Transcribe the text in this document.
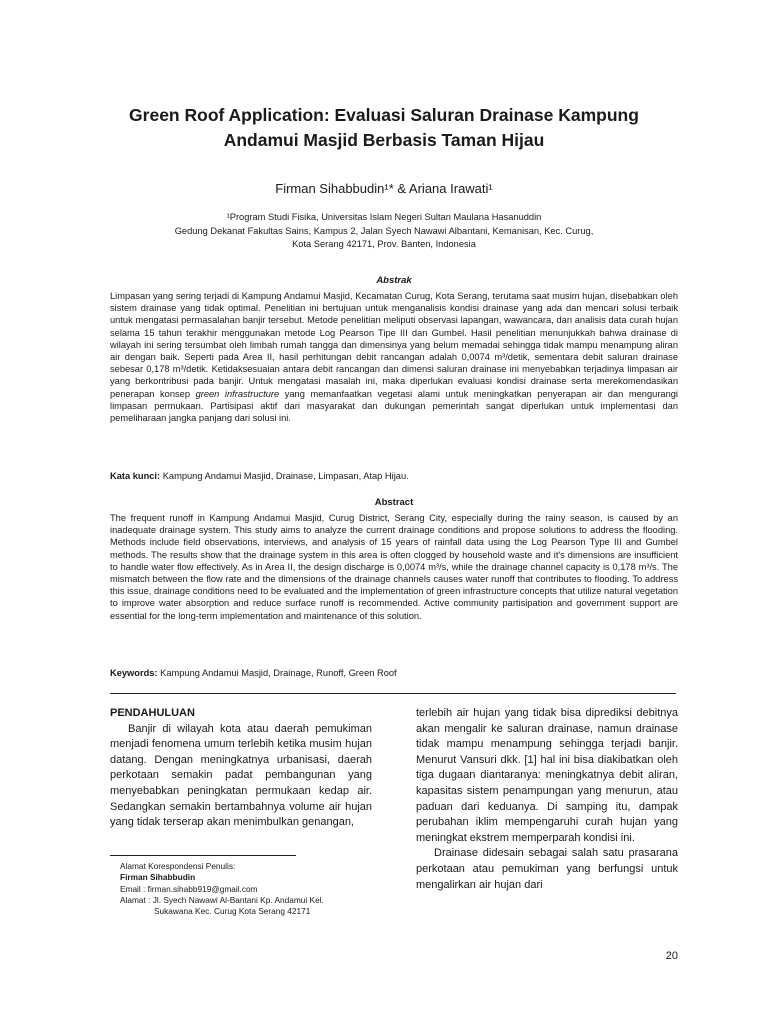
Green Roof Application: Evaluasi Saluran Drainase Kampung
Andamui Masjid Berbasis Taman Hijau

Firman Sihabbudin¹* & Ariana Irawati¹

¹Program Studi Fisika, Universitas Islam Negeri Sultan Maulana Hasanuddin
Gedung Dekanat Fakultas Sains, Kampus 2, Jalan Syech Nawawi Albantani, Kemanisan, Kec. Curug,
Kota Serang 42171, Prov. Banten, Indonesia

Abstrak

Limpasan yang sering terjadi di Kampung Andamui Masjid, Kecamatan Curug, Kota Serang, terutama saat musim hujan, disebabkan oleh sistem drainase yang tidak optimal. Penelitian ini bertujuan untuk menganalisis kondisi drainase yang ada dan mencari solusi terbaik untuk mengatasi permasalahan banjir tersebut. Metode penelitian meliputi observasi lapangan, wawancara, dan analisis data curah hujan selama 15 tahun terakhir menggunakan metode Log Pearson Tipe III dan Gumbel. Hasil penelitian menunjukkah bahwa drainase di wilayah ini sering tersumbat oleh limbah rumah tangga dan dimensinya yang belum memadai sehingga tidak mampu menampung aliran air dengan baik. Seperti pada Area II, hasil perhitungan debit rancangan adalah 0,0074 m³/detik, sementara debit saluran drainase sebesar 0,178 m³/detik. Ketidaksesuaian antara debit rancangan dan dimensi saluran drainase ini menyebabkan terjadinya limpasan air yang berkontribusi pada banjir. Untuk mengatasi masalah ini, maka diperlukan evaluasi kondisi drainase serta merekomendasikan penerapan konsep green infrastructure yang memanfaatkan vegetasi alami untuk meningkatkan penyerapan air dan mengurangi limpasan permukaan. Partisipasi aktif dari masyarakat dan dukungan pemerintah sangat diperlukan untuk implementasi dan pemeliharaan jangka panjang dari solusi ini.

Kata kunci: Kampung Andamui Masjid, Drainase, Limpasan, Atap Hijau.

Abstract

The frequent runoff in Kampung Andamui Masjid, Curug District, Serang City, especially during the rainy season, is caused by an inadequate drainage system. This study aims to analyze the current drainage conditions and propose solutions to address the flooding. Methods include field observations, interviews, and analysis of 15 years of rainfall data using the Log Pearson Type III and Gumbel methods. The results show that the drainage system in this area is often clogged by household waste and it's dimensions are insufficient to handle water flow effectively. As in Area II, the design discharge is 0,0074 m³/s, while the drainage channel capacity is 0,178 m³/s. The mismatch between the flow rate and the dimensions of the drainage channels causes water runoff that contributes to flooding. To address this issue, drainage conditions need to be evaluated and the implementation of green infrastructure concepts that utilize natural vegetation to improve water absorption and reduce surface runoff is recommended. Active community partisipation and government support are essential for the long-term implementation and maintenance of this solution.

Keywords: Kampung Andamui Masjid, Drainage, Runoff, Green Roof

PENDAHULUAN

Banjir di wilayah kota atau daerah pemukiman menjadi fenomena umum terlebih ketika musim hujan datang. Dengan meningkatnya urbanisasi, daerah perkotaan semakin padat pembangunan yang menyebabkan peningkatan permukaan kedap air. Sedangkan semakin bertambahnya volume air hujan yang tidak terserap akan menimbulkan genangan,

terlebih air hujan yang tidak bisa diprediksi debitnya akan mengalir ke saluran drainase, namun drainase tidak mampu menampung sehingga terjadi banjir. Menurut Vansuri dkk. [1] hal ini bisa diakibatkan oleh tiga dugaan diantaranya: meningkatnya debit aliran, kapasitas sistem penampungan yang menurun, atau paduan dari keduanya. Di samping itu, dampak perubahan iklim mempengaruhi curah hujan yang meningkat ekstrem memperparah kondisi ini.

Drainase didesain sebagai salah satu prasarana perkotaan atau pemukiman yang berfungsi untuk mengalirkan air hujan dari

Alamat Korespondensi Penulis:
Firman Sihabbudin
Email : firman.sihabb919@gmail.com
Alamat : Jl. Syech Nawawi Al-Bantani Kp. Andamui Kel.
Sukawana Kec. Curug Kota Serang 42171
20
